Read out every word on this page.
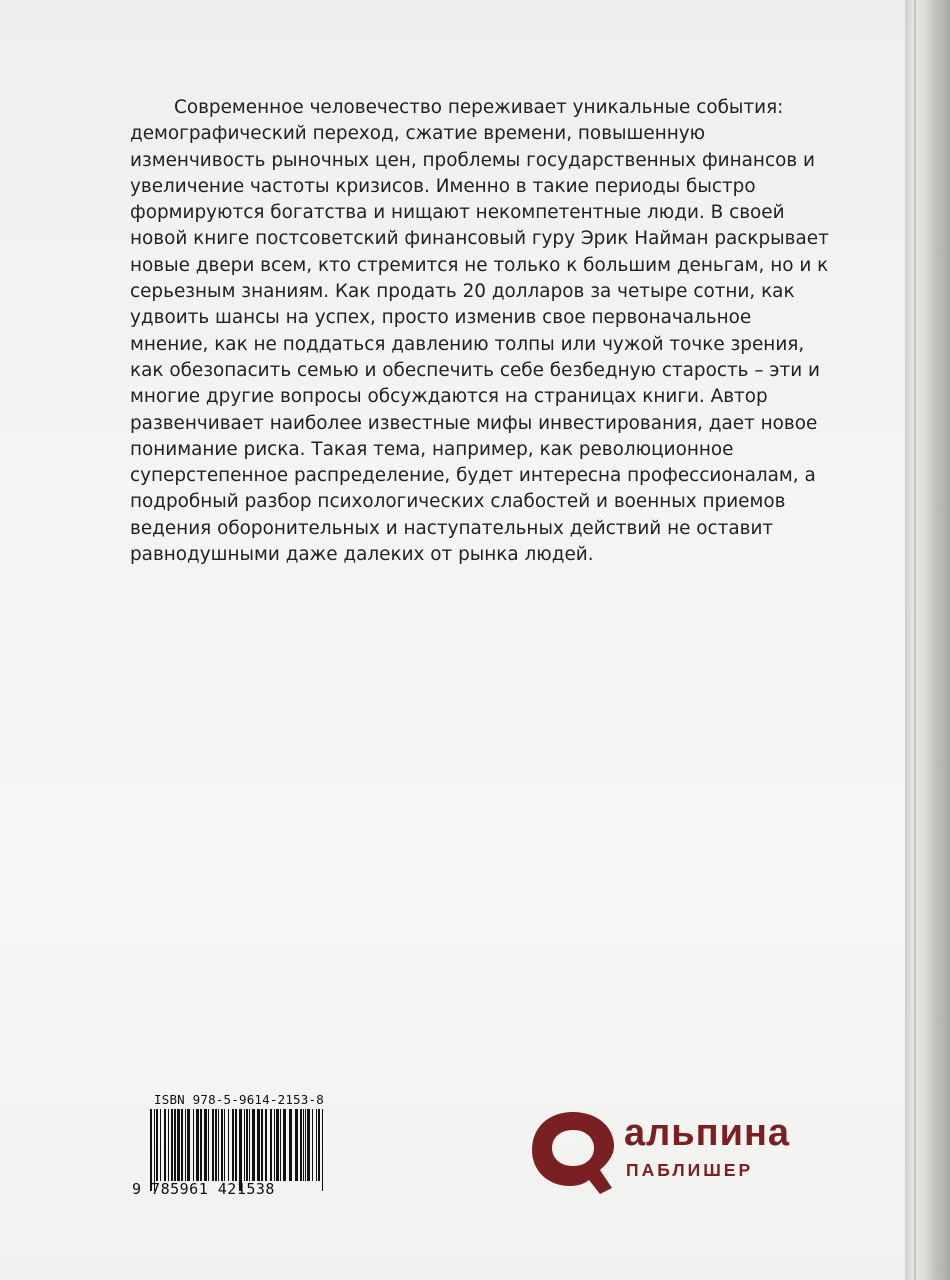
Современное человечество переживает уникальные события: демографический переход, сжатие времени, повышенную изменчивость рыночных цен, проблемы государственных финансов и увеличение частоты кризисов. Именно в такие периоды быстро формируются богатства и нищают некомпетентные люди. В своей новой книге постсоветский финансовый гуру Эрик Найман раскрывает новые двери всем, кто стремится не только к большим деньгам, но и к серьезным знаниям. Как продать 20 долларов за четыре сотни, как удвоить шансы на успех, просто изменив свое первоначальное мнение, как не поддаться давлению толпы или чужой точке зрения, как обезопасить семью и обеспечить себе безбедную старость – эти и многие другие вопросы обсуждаются на страницах книги. Автор развенчивает наиболее известные мифы инвестирования, дает новое понимание риска. Такая тема, например, как революционное суперстепенное распределение, будет интересна профессионалам, а подробный разбор психологических слабостей и военных приемов ведения оборонительных и наступательных действий не оставит равнодушными даже далеких от рынка людей.

ISBN 978-5-9614-2153-8
9 785961 421538
альпина
ПАБЛИШЕР
